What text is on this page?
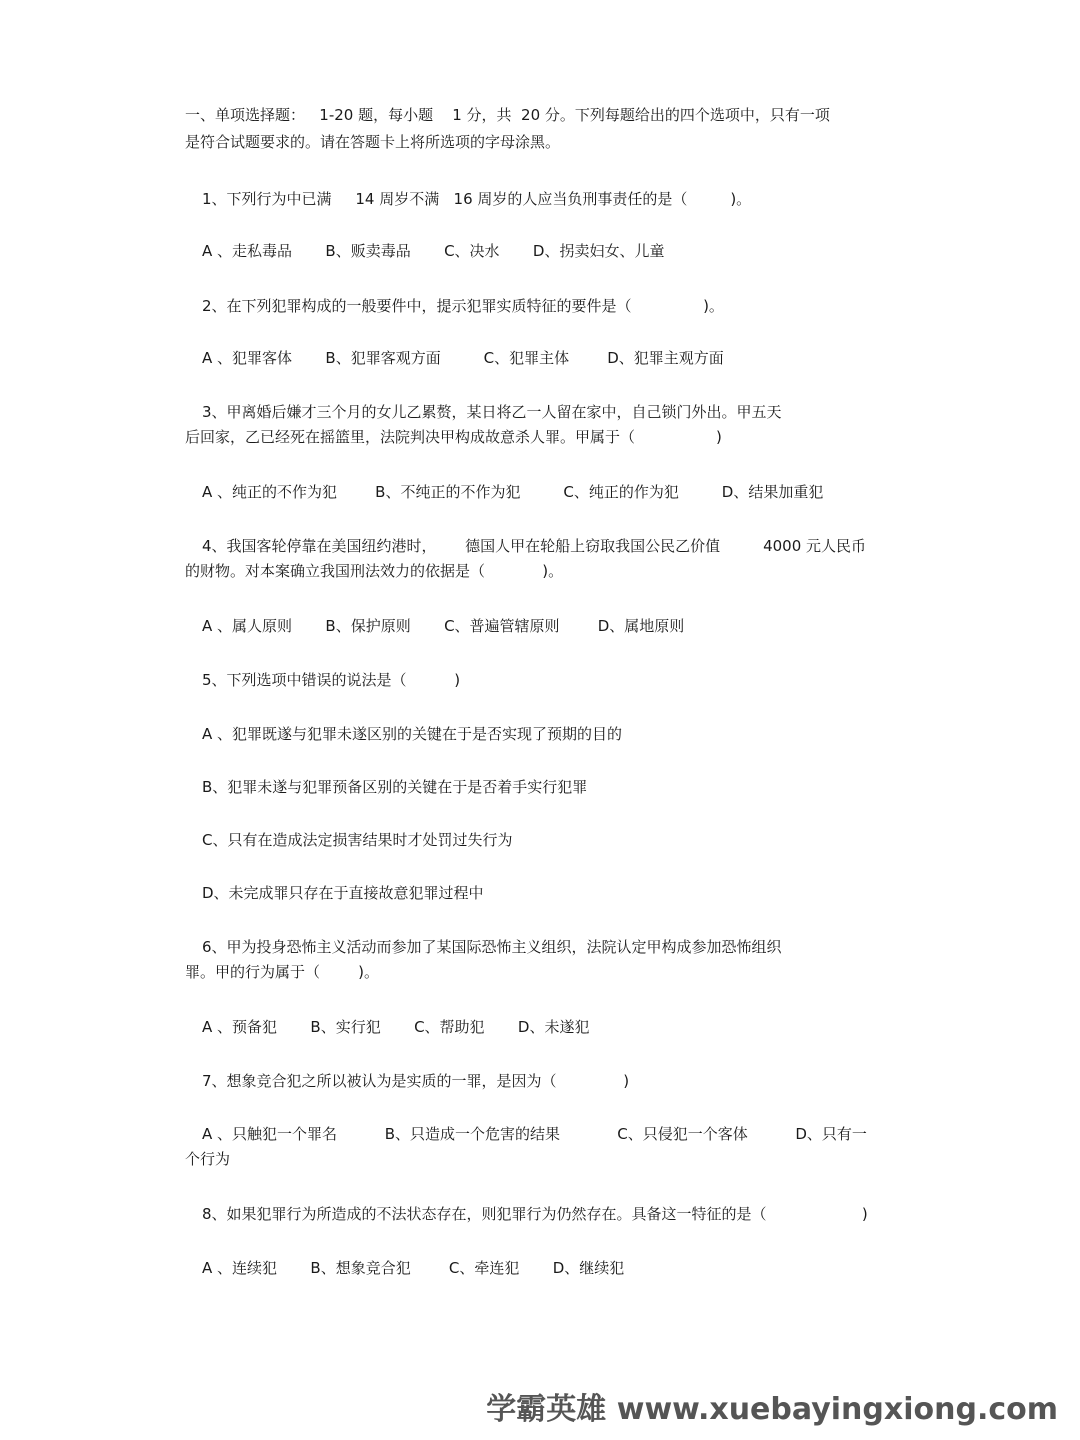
一、单项选择题：   1-20 题，每小题    1 分，共  20 分。下列每题给出的四个选项中，只有一项

是符合试题要求的。请在答题卡上将所选项的字母涂黑。

1、下列行为中已满     14 周岁不满   16 周岁的人应当负刑事责任的是（         )。

A 、走私毒品       B、贩卖毒品       C、决水       D、拐卖妇女、儿童

2、在下列犯罪构成的一般要件中，提示犯罪实质特征的要件是（               )。

A 、犯罪客体       B、犯罪客观方面         C、犯罪主体        D、犯罪主观方面

3、甲离婚后嫌才三个月的女儿乙累赘，某日将乙一人留在家中，自己锁门外出。甲五天

后回家，乙已经死在摇篮里，法院判决甲构成故意杀人罪。甲属于（                 )

A 、纯正的不作为犯        B、不纯正的不作为犯         C、纯正的作为犯         D、结果加重犯

4、我国客轮停靠在美国纽约港时，      德国人甲在轮船上窃取我国公民乙价值         4000 元人民币

的财物。对本案确立我国刑法效力的依据是（            )。

A 、属人原则       B、保护原则       C、普遍管辖原则        D、属地原则

5、下列选项中错误的说法是（          )

A 、犯罪既遂与犯罪未遂区别的关键在于是否实现了预期的目的

B、犯罪未遂与犯罪预备区别的关键在于是否着手实行犯罪

C、只有在造成法定损害结果时才处罚过失行为

D、未完成罪只存在于直接故意犯罪过程中

6、甲为投身恐怖主义活动而参加了某国际恐怖主义组织，法院认定甲构成参加恐怖组织

罪。甲的行为属于（        )。

A 、预备犯       B、实行犯       C、帮助犯       D、未遂犯

7、想象竞合犯之所以被认为是实质的一罪，是因为（              )

A 、只触犯一个罪名          B、只造成一个危害的结果            C、只侵犯一个客体          D、只有一

个行为

8、如果犯罪行为所造成的不法状态存在，则犯罪行为仍然存在。具备这一特征的是（                    )

A 、连续犯       B、想象竞合犯        C、牵连犯       D、继续犯

学霸英雄 www.xuebayingxiong.com
